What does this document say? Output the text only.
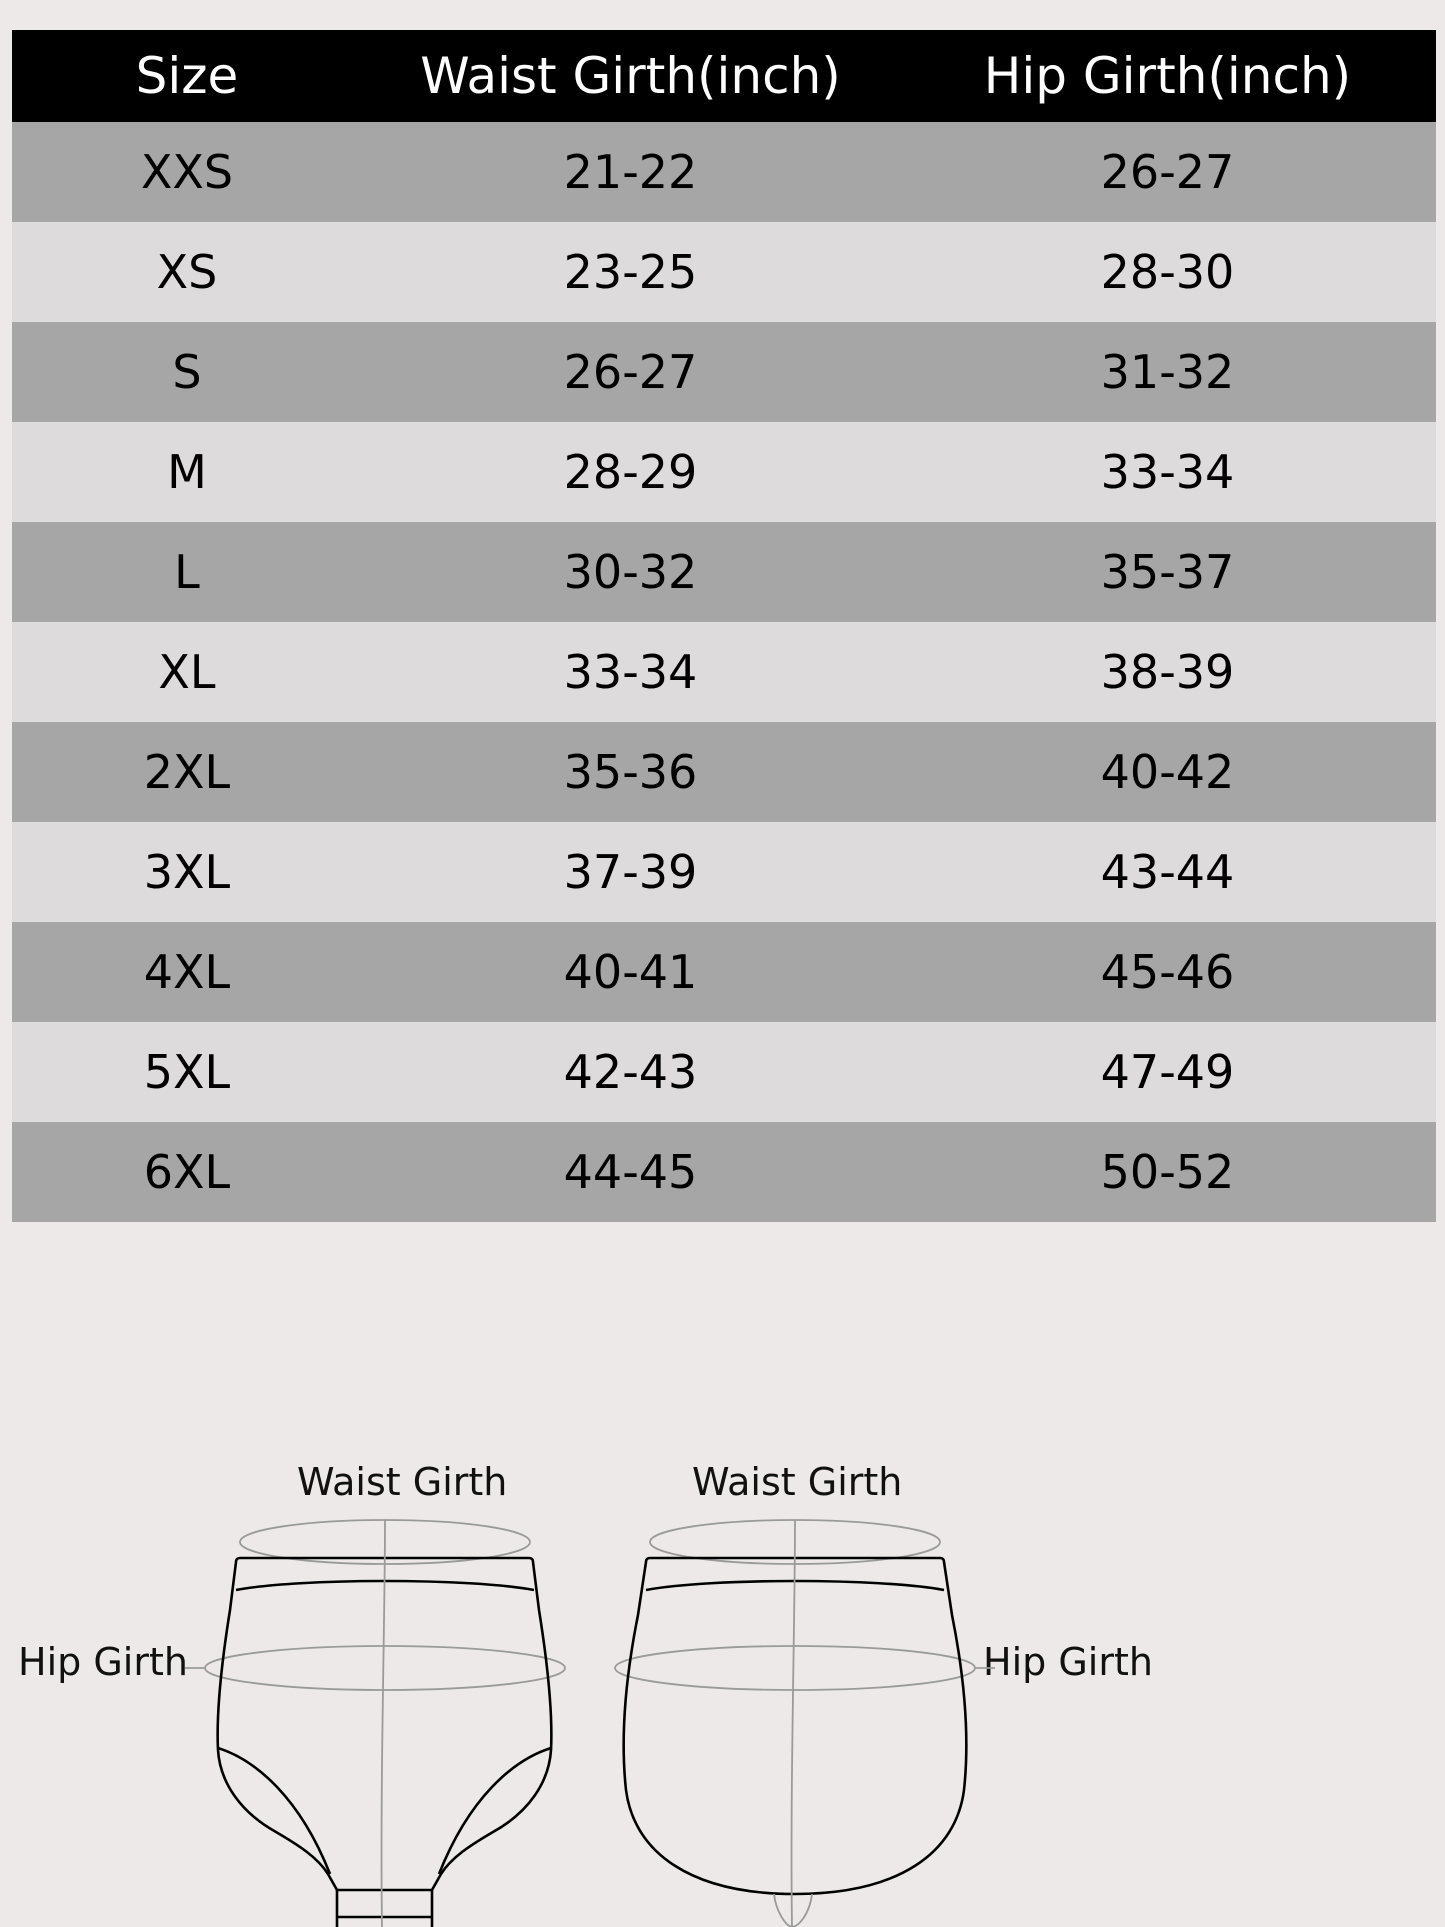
Size	Waist Girth(inch)	Hip Girth(inch)
XXS	21-22	26-27
XS	23-25	28-30
S	26-27	31-32
M	28-29	33-34
L	30-32	35-37
XL	33-34	38-39
2XL	35-36	40-42
3XL	37-39	43-44
4XL	40-41	45-46
5XL	42-43	47-49
6XL	44-45	50-52
Waist Girth	Waist Girth
Hip Girth	Hip Girth
